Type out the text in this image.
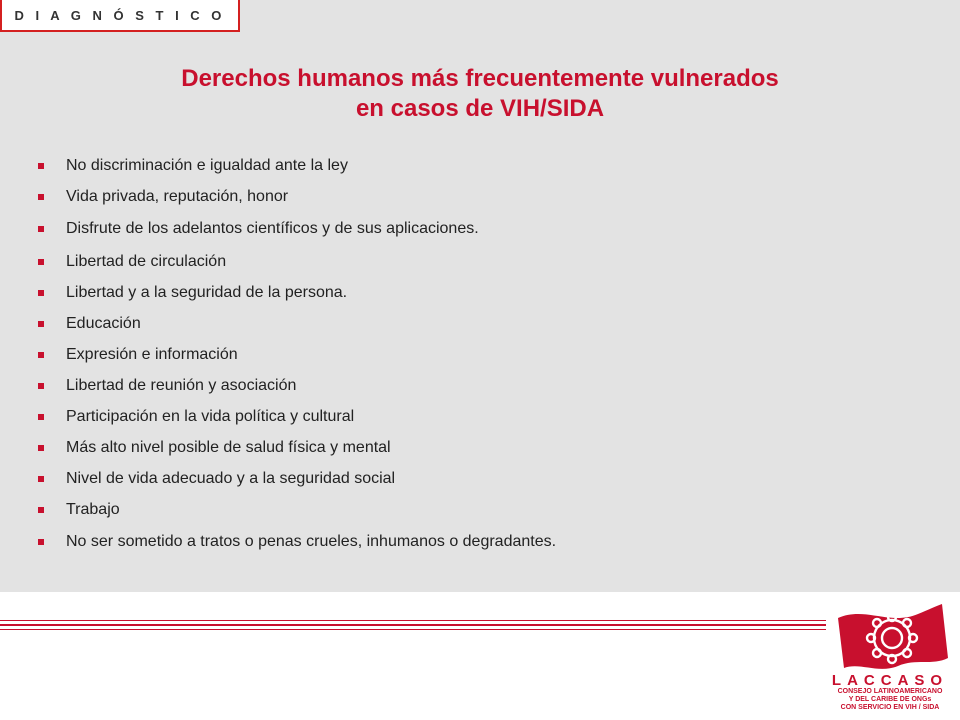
D I A G N Ó S T I C O
Derechos humanos más frecuentemente vulnerados
en casos de VIH/SIDA
No discriminación e igualdad ante la ley
Vida privada, reputación, honor
Disfrute de los adelantos científicos y de sus aplicaciones.
Libertad de circulación
Libertad y a la seguridad de la persona.
Educación
Expresión e información
Libertad de reunión y asociación
Participación en la vida política y cultural
Más alto nivel posible de salud física y mental
Nivel de vida adecuado y a la seguridad social
Trabajo
No ser sometido a tratos o penas crueles, inhumanos o degradantes.
LACCASO
CONSEJO LATINOAMERICANO
Y DEL CARIBE DE ONGs
CON SERVICIO EN VIH / SIDA
